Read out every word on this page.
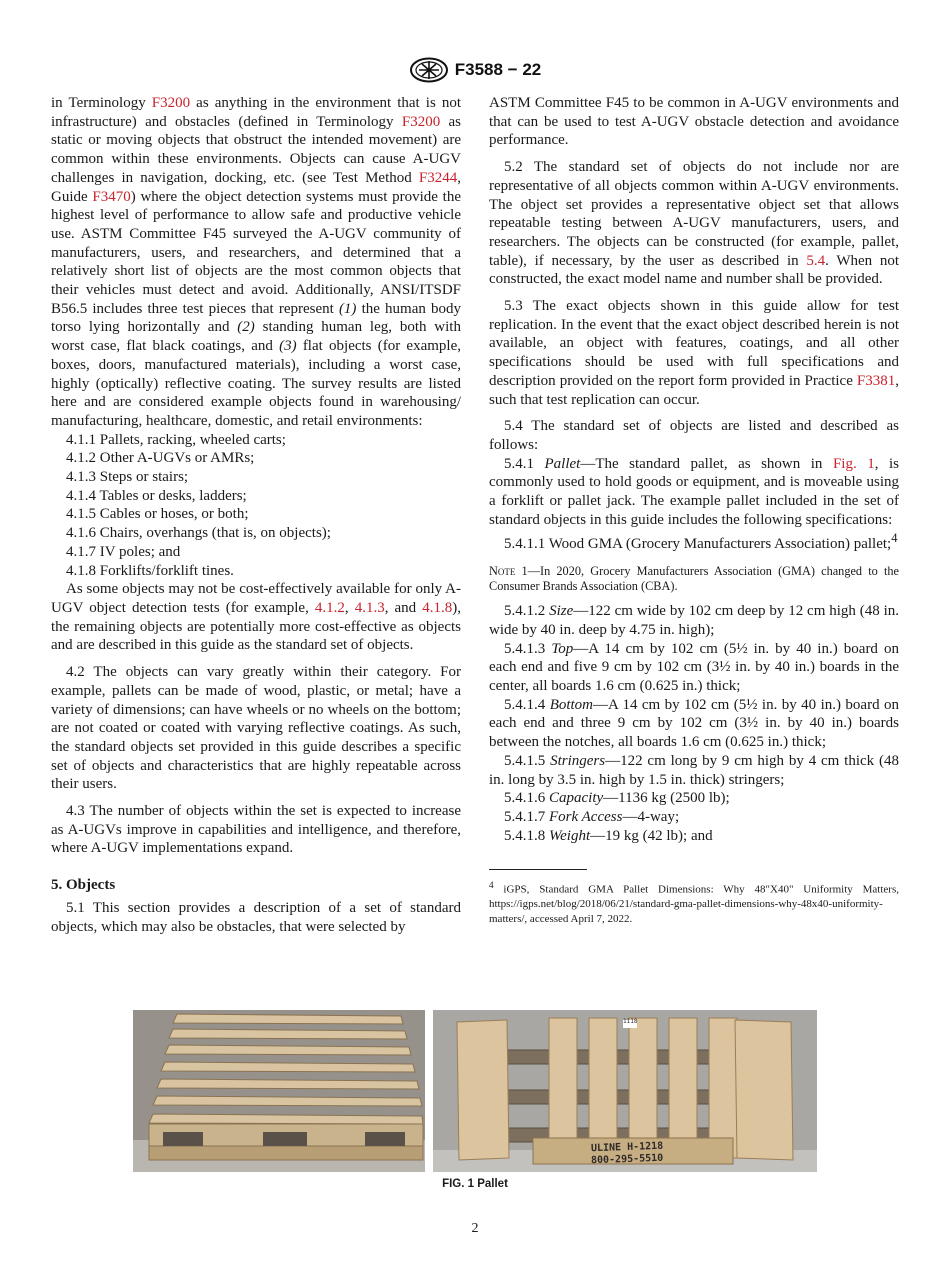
F3588 − 22

in Terminology F3200 as anything in the environment that is not infrastructure) and obstacles (defined in Terminology F3200 as static or moving objects that obstruct the intended movement) are common within these environments. Objects can cause A-UGV challenges in navigation, docking, etc. (see Test Method F3244, Guide F3470) where the object detection systems must provide the highest level of performance to allow safe and productive vehicle use. ASTM Committee F45 surveyed the A-UGV community of manufacturers, users, and researchers, and determined that a relatively short list of objects are the most common objects that their vehicles must detect and avoid. Additionally, ANSI/ITSDF B56.5 includes three test pieces that represent (1) the human body torso lying horizontally and (2) standing human leg, both with worst case, flat black coatings, and (3) flat objects (for example, boxes, doors, manufactured materials), including a worst case, highly (optically) reflective coating. The survey results are listed here and are considered example objects found in warehousing/ manufacturing, healthcare, domestic, and retail environments:

4.1.1 Pallets, racking, wheeled carts;

4.1.2 Other A-UGVs or AMRs;

4.1.3 Steps or stairs;

4.1.4 Tables or desks, ladders;

4.1.5 Cables or hoses, or both;

4.1.6 Chairs, overhangs (that is, on objects);

4.1.7 IV poles; and

4.1.8 Forklifts/forklift tines.

As some objects may not be cost-effectively available for only A-UGV object detection tests (for example, 4.1.2, 4.1.3, and 4.1.8), the remaining objects are potentially more cost-effective as objects and are described in this guide as the standard set of objects.

4.2 The objects can vary greatly within their category. For example, pallets can be made of wood, plastic, or metal; have a variety of dimensions; can have wheels or no wheels on the bottom; are not coated or coated with varying reflective coatings. As such, the standard objects set provided in this guide describes a specific set of objects and characteristics that are highly repeatable across their users.

4.3 The number of objects within the set is expected to increase as A-UGVs improve in capabilities and intelligence, and therefore, where A-UGV implementations expand.

5. Objects

5.1 This section provides a description of a set of standard objects, which may also be obstacles, that were selected by

ASTM Committee F45 to be common in A-UGV environments and that can be used to test A-UGV obstacle detection and avoidance performance.

5.2 The standard set of objects do not include nor are representative of all objects common within A-UGV environments. The object set provides a representative object set that allows repeatable testing between A-UGV manufacturers, users, and researchers. The objects can be constructed (for example, pallet, table), if necessary, by the user as described in 5.4. When not constructed, the exact model name and number shall be provided.

5.3 The exact objects shown in this guide allow for test replication. In the event that the exact object described herein is not available, an object with features, coatings, and all other specifications should be used with full specifications and description provided on the report form provided in Practice F3381, such that test replication can occur.

5.4 The standard set of objects are listed and described as follows:

5.4.1 Pallet—The standard pallet, as shown in Fig. 1, is commonly used to hold goods or equipment, and is moveable using a forklift or pallet jack. The example pallet included in the set of standard objects in this guide includes the following specifications:

5.4.1.1 Wood GMA (Grocery Manufacturers Association) pallet;$^4$

Note 1—In 2020, Grocery Manufacturers Association (GMA) changed to the Consumer Brands Association (CBA).

5.4.1.2 Size—122 cm wide by 102 cm deep by 12 cm high (48 in. wide by 40 in. deep by 4.75 in. high);

5.4.1.3 Top—A 14 cm by 102 cm (5½ in. by 40 in.) board on each end and five 9 cm by 102 cm (3½ in. by 40 in.) boards in the center, all boards 1.6 cm (0.625 in.) thick;

5.4.1.4 Bottom—A 14 cm by 102 cm (5½ in. by 40 in.) board on each end and three 9 cm by 102 cm (3½ in. by 40 in.) boards between the notches, all boards 1.6 cm (0.625 in.) thick;

5.4.1.5 Stringers—122 cm long by 9 cm high by 4 cm thick (48 in. long by 3.5 in. high by 1.5 in. thick) stringers;

5.4.1.6 Capacity—1136 kg (2500 lb);

5.4.1.7 Fork Access—4-way;

5.4.1.8 Weight—19 kg (42 lb); and

$^4$ iGPS, Standard GMA Pallet Dimensions: Why 48"X40" Uniformity Matters, https://igps.net/blog/2018/06/21/standard-gma-pallet-dimensions-why-48x40-uniformity-matters/, accessed April 7, 2022.

1118
ULINE H-1218
800-295-5510
FIG. 1 Pallet
2
